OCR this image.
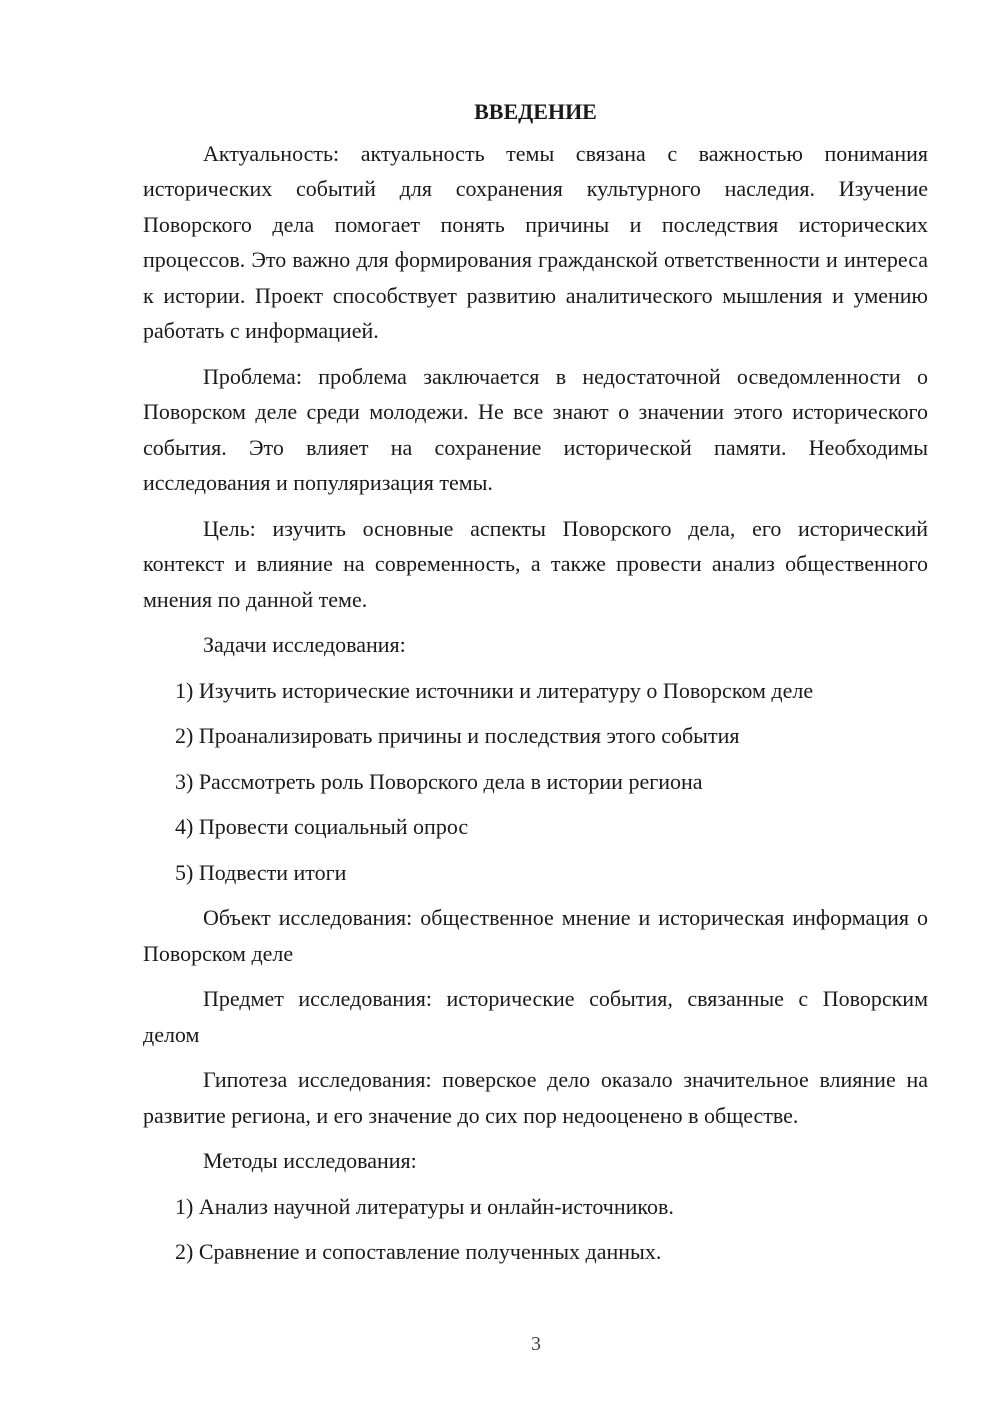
ВВЕДЕНИЕ

Актуальность: актуальность темы связана с важностью понимания исторических событий для сохранения культурного наследия. Изучение Поворского дела помогает понять причины и последствия исторических процессов. Это важно для формирования гражданской ответственности и интереса к истории. Проект способствует развитию аналитического мышления и умению работать с информацией.

Проблема: проблема заключается в недостаточной осведомленности о Поворском деле среди молодежи. Не все знают о значении этого исторического события. Это влияет на сохранение исторической памяти. Необходимы исследования и популяризация темы.

Цель: изучить основные аспекты Поворского дела, его исторический контекст и влияние на современность, а также провести анализ общественного мнения по данной теме.

Задачи исследования:

1) Изучить исторические источники и литературу о Поворском деле

2) Проанализировать причины и последствия этого события

3) Рассмотреть роль Поворского дела в истории региона

4) Провести социальный опрос

5) Подвести итоги

Объект исследования: общественное мнение и историческая информация о Поворском деле

Предмет исследования: исторические события, связанные с Поворским делом

Гипотеза исследования: поверское дело оказало значительное влияние на развитие региона, и его значение до сих пор недооценено в обществе.

Методы исследования:

1) Анализ научной литературы и онлайн-источников.

2) Сравнение и сопоставление полученных данных.

3
